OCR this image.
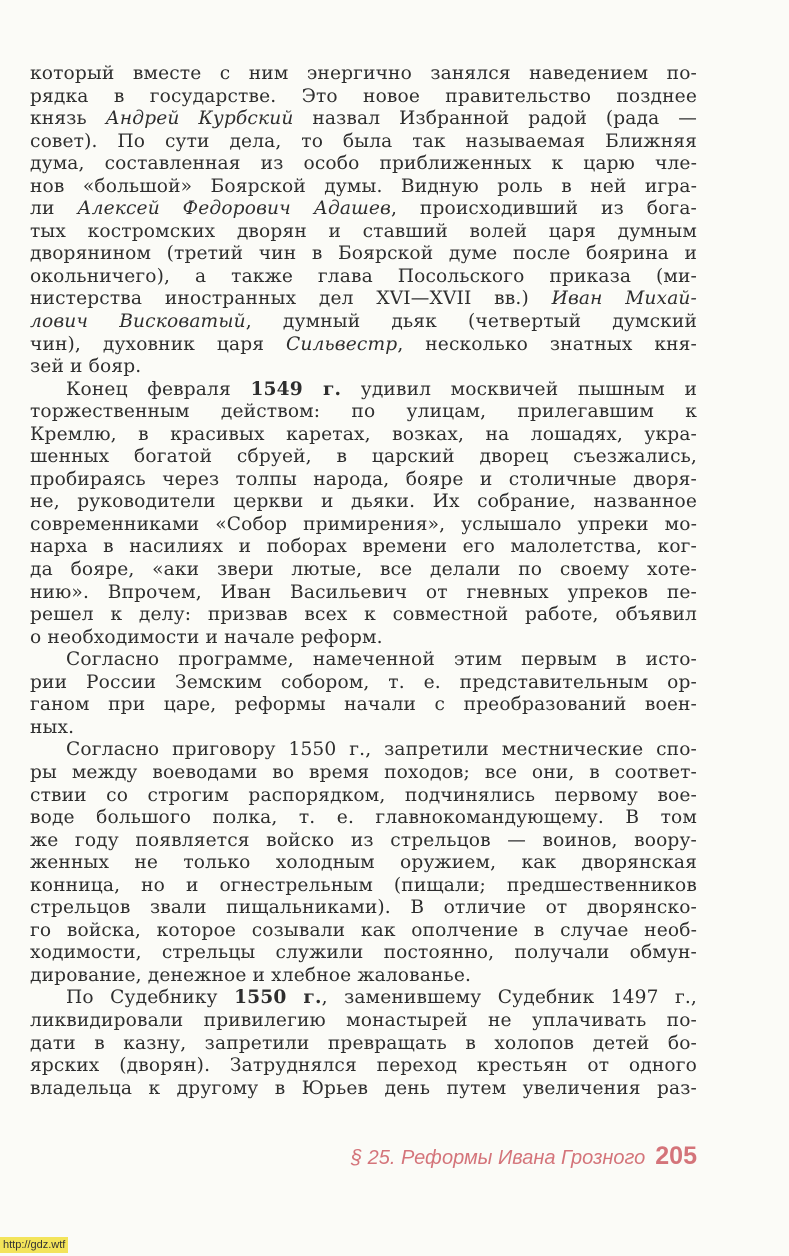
который вместе с ним энергично занялся наведением по-
рядка в государстве. Это новое правительство позднее
князь Андрей Курбский назвал Избранной радой (рада —
совет). По сути дела, то была так называемая Ближняя
дума, составленная из особо приближенных к царю чле-
нов «большой» Боярской думы. Видную роль в ней игра-
ли Алексей Федорович Адашев, происходивший из бога-
тых костромских дворян и ставший волей царя думным
дворянином (третий чин в Боярской думе после боярина и
окольничего), а также глава Посольского приказа (ми-
нистерства иностранных дел XVI—XVII вв.) Иван Михай-
лович Висковатый, думный дьяк (четвертый думский
чин), духовник царя Сильвестр, несколько знатных кня-
зей и бояр.
Конец февраля 1549 г. удивил москвичей пышным и
торжественным действом: по улицам, прилегавшим к
Кремлю, в красивых каретах, возках, на лошадях, укра-
шенных богатой сбруей, в царский дворец съезжались,
пробираясь через толпы народа, бояре и столичные дворя-
не, руководители церкви и дьяки. Их собрание, названное
современниками «Собор примирения», услышало упреки мо-
нарха в насилиях и поборах времени его малолетства, ког-
да бояре, «аки звери лютые, все делали по своему хоте-
нию». Впрочем, Иван Васильевич от гневных упреков пе-
решел к делу: призвав всех к совместной работе, объявил
о необходимости и начале реформ.
Согласно программе, намеченной этим первым в исто-
рии России Земским собором, т. е. представительным ор-
ганом при царе, реформы начали с преобразований воен-
ных.
Согласно приговору 1550 г., запретили местнические спо-
ры между воеводами во время походов; все они, в соответ-
ствии со строгим распорядком, подчинялись первому вое-
воде большого полка, т. е. главнокомандующему. В том
же году появляется войско из стрельцов — воинов, воору-
женных не только холодным оружием, как дворянская
конница, но и огнестрельным (пищали; предшественников
стрельцов звали пищальниками). В отличие от дворянско-
го войска, которое созывали как ополчение в случае необ-
ходимости, стрельцы служили постоянно, получали обмун-
дирование, денежное и хлебное жалованье.
По Судебнику 1550 г., заменившему Судебник 1497 г.,
ликвидировали привилегию монастырей не уплачивать по-
дати в казну, запретили превращать в холопов детей бо-
ярских (дворян). Затруднялся переход крестьян от одного
владельца к другому в Юрьев день путем увеличения раз-
§ 25. Реформы Ивана Грозного 205
http://gdz.wtf
